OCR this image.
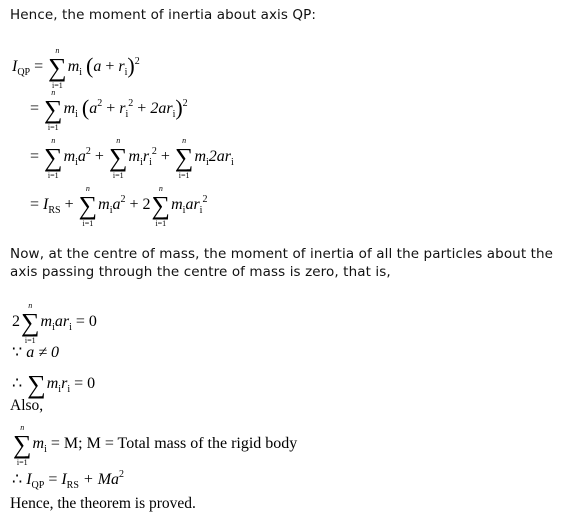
Hence, the moment of inertia about axis QP:
$I_{QP}$ = ∑
n
i=1
$m_i$ $(a + r_i)^2$
= ∑
n
i=1
$m_i$ $(a^2 + r_i^2 + 2ar_i)^2$
= ∑
n
i=1
$m_ia^2$ + ∑
n
i=1
$m_ir_i^2$ + ∑
n
i=1
$m_i2ar_i$
= $I_{RS}$ + ∑
n
i=1
$m_ia^2 + 2\sum$
n
i=1
$m_iar_i^2$
Now, at the centre of mass, the moment of inertia of all the particles about the axis passing through the centre of mass is zero, that is,
2∑
n
i=1
$m_iar_i = 0$
∵ a ≠ 0
∴ $\sum m_ir_i = 0$
Also,
∑
n
i=1
$m_i = M$; M = Total mass of the rigid body
∴ $I_{QP} = I_{RS} + Ma^2$
Hence, the theorem is proved.
